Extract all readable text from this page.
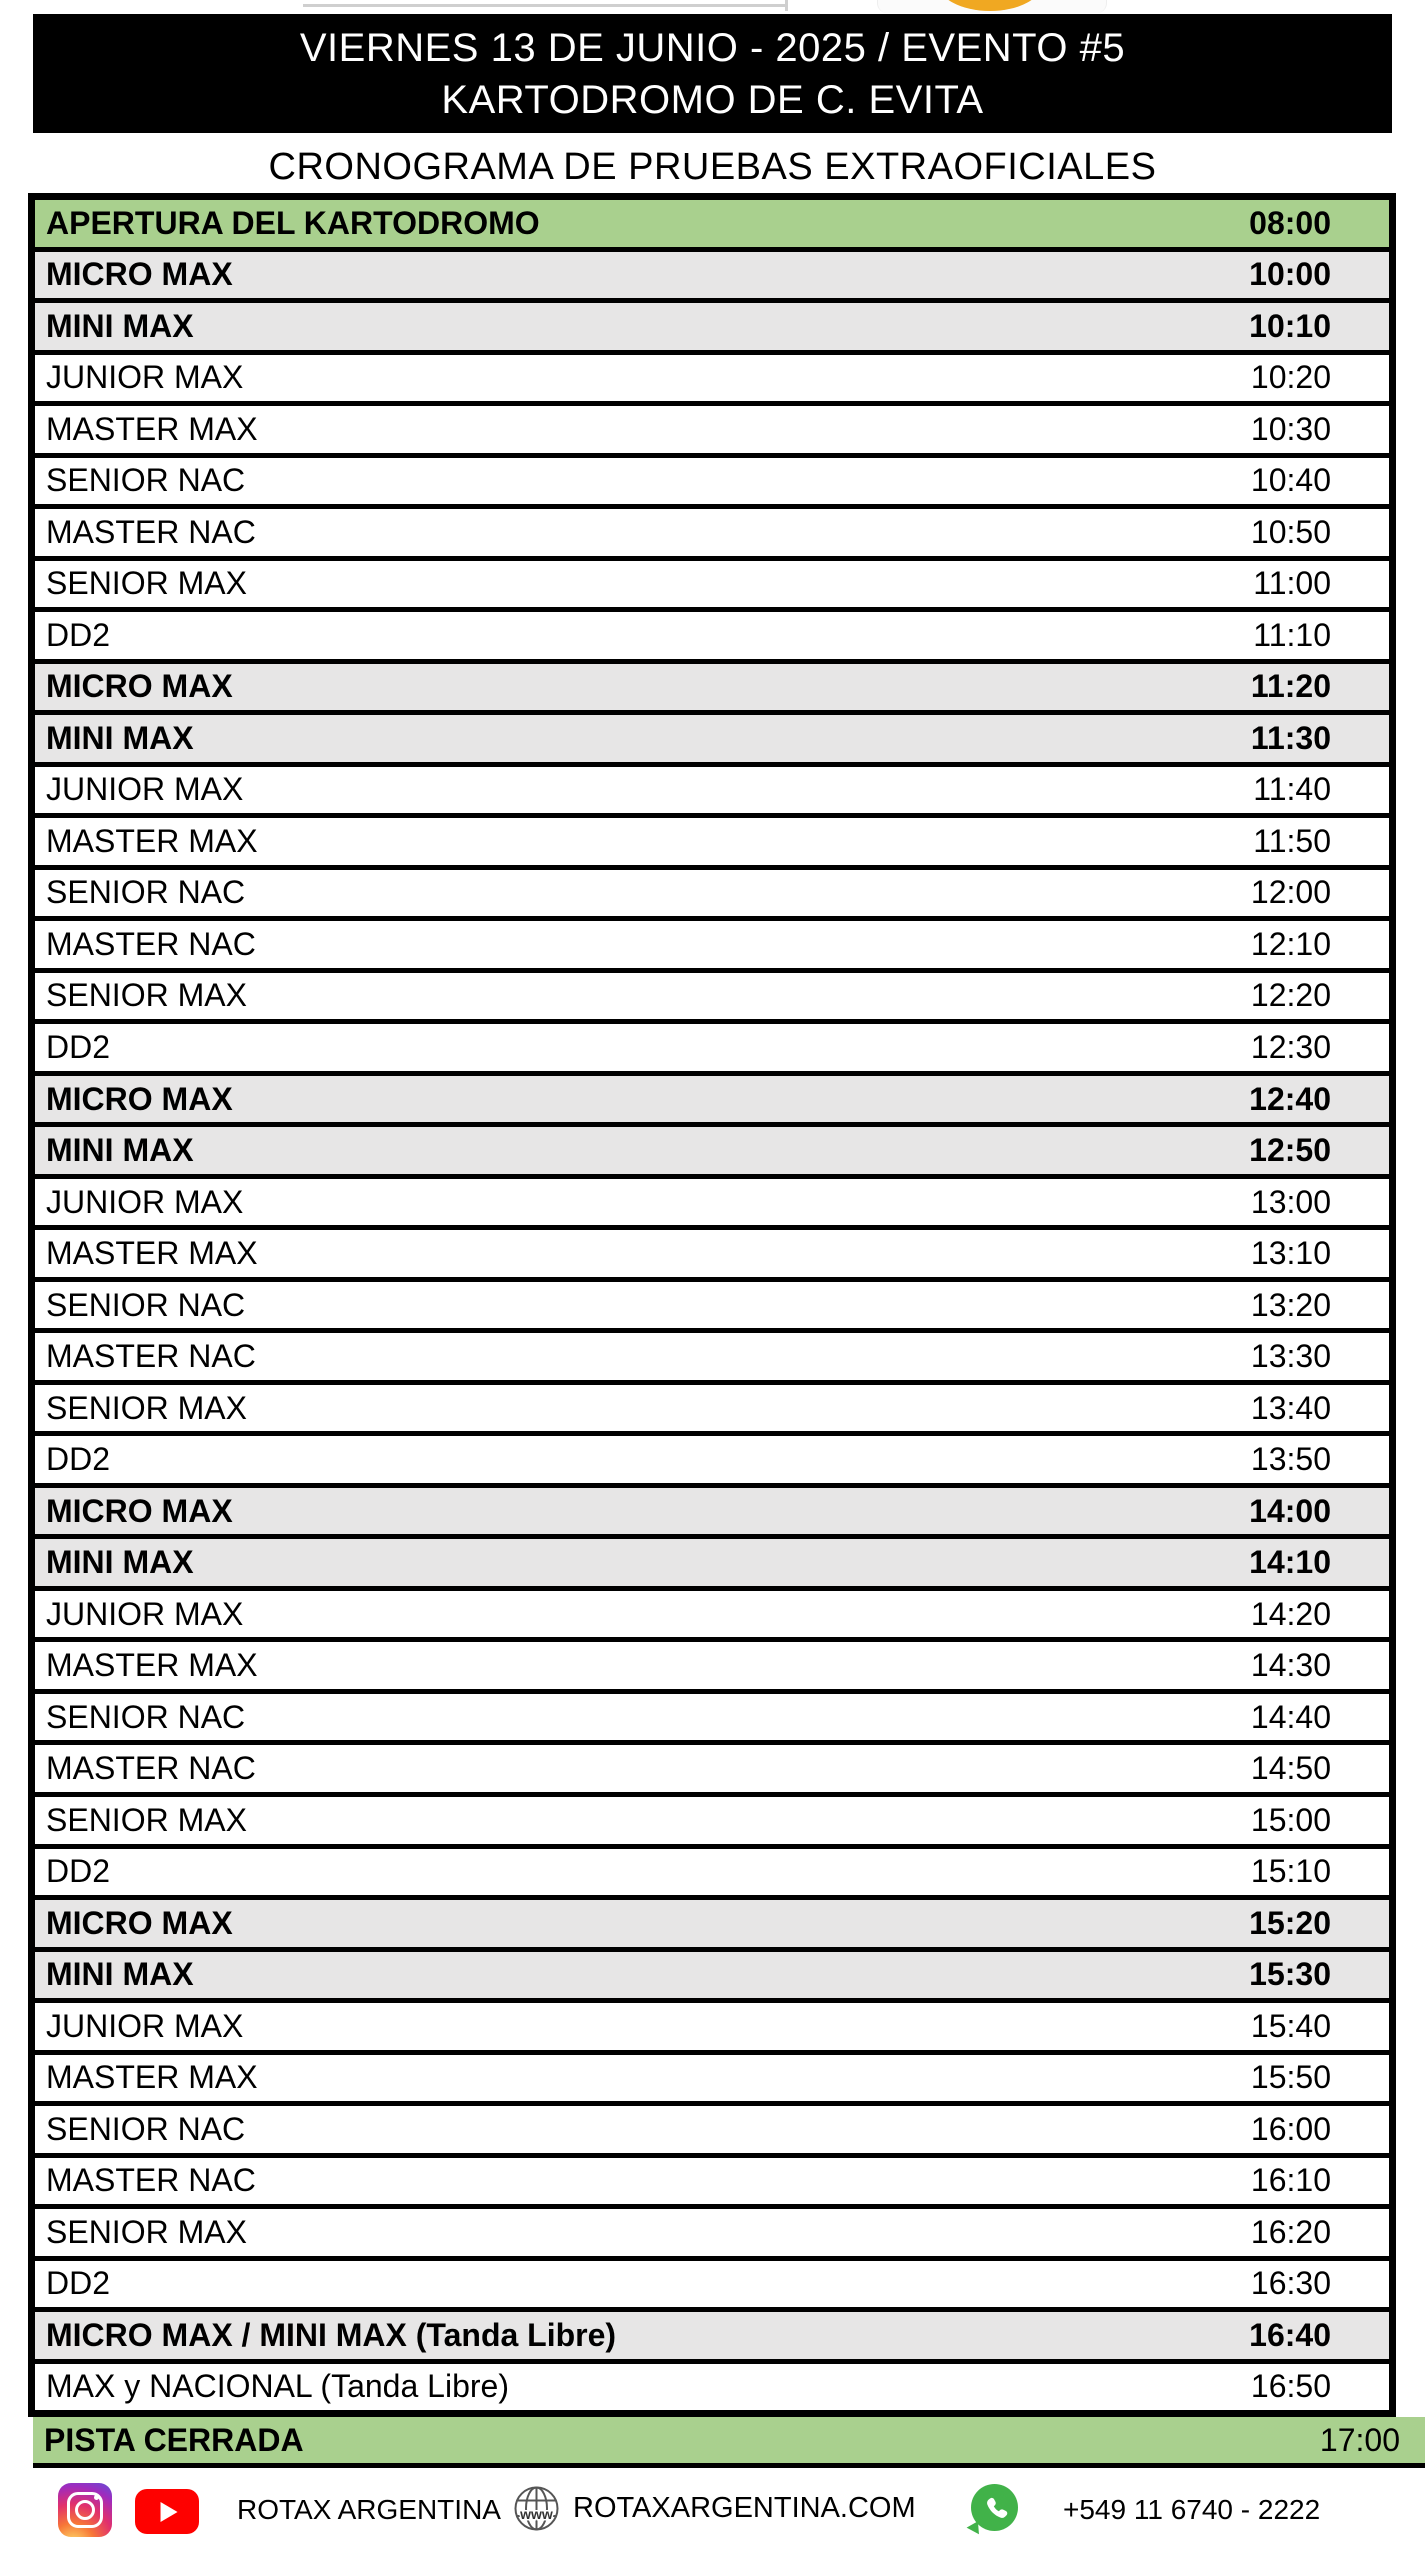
VIERNES 13 DE JUNIO - 2025 / EVENTO #5
KARTODROMO DE C. EVITA
CRONOGRAMA DE PRUEBAS EXTRAOFICIALES
APERTURA DEL KARTODROMO	08:00
MICRO MAX	10:00
MINI MAX	10:10
JUNIOR MAX	10:20
MASTER MAX	10:30
SENIOR NAC	10:40
MASTER NAC	10:50
SENIOR MAX	11:00
DD2	11:10
MICRO MAX	11:20
MINI MAX	11:30
JUNIOR MAX	11:40
MASTER MAX	11:50
SENIOR NAC	12:00
MASTER NAC	12:10
SENIOR MAX	12:20
DD2	12:30
MICRO MAX	12:40
MINI MAX	12:50
JUNIOR MAX	13:00
MASTER MAX	13:10
SENIOR NAC	13:20
MASTER NAC	13:30
SENIOR MAX	13:40
DD2	13:50
MICRO MAX	14:00
MINI MAX	14:10
JUNIOR MAX	14:20
MASTER MAX	14:30
SENIOR NAC	14:40
MASTER NAC	14:50
SENIOR MAX	15:00
DD2	15:10
MICRO MAX	15:20
MINI MAX	15:30
JUNIOR MAX	15:40
MASTER MAX	15:50
SENIOR NAC	16:00
MASTER NAC	16:10
SENIOR MAX	16:20
DD2	16:30
MICRO MAX / MINI MAX (Tanda Libre)	16:40
MAX y NACIONAL (Tanda Libre)	16:50
PISTA CERRADA	17:00
ROTAX ARGENTINA www ROTAXARGENTINA.COM	+549 11 6740 - 2222
